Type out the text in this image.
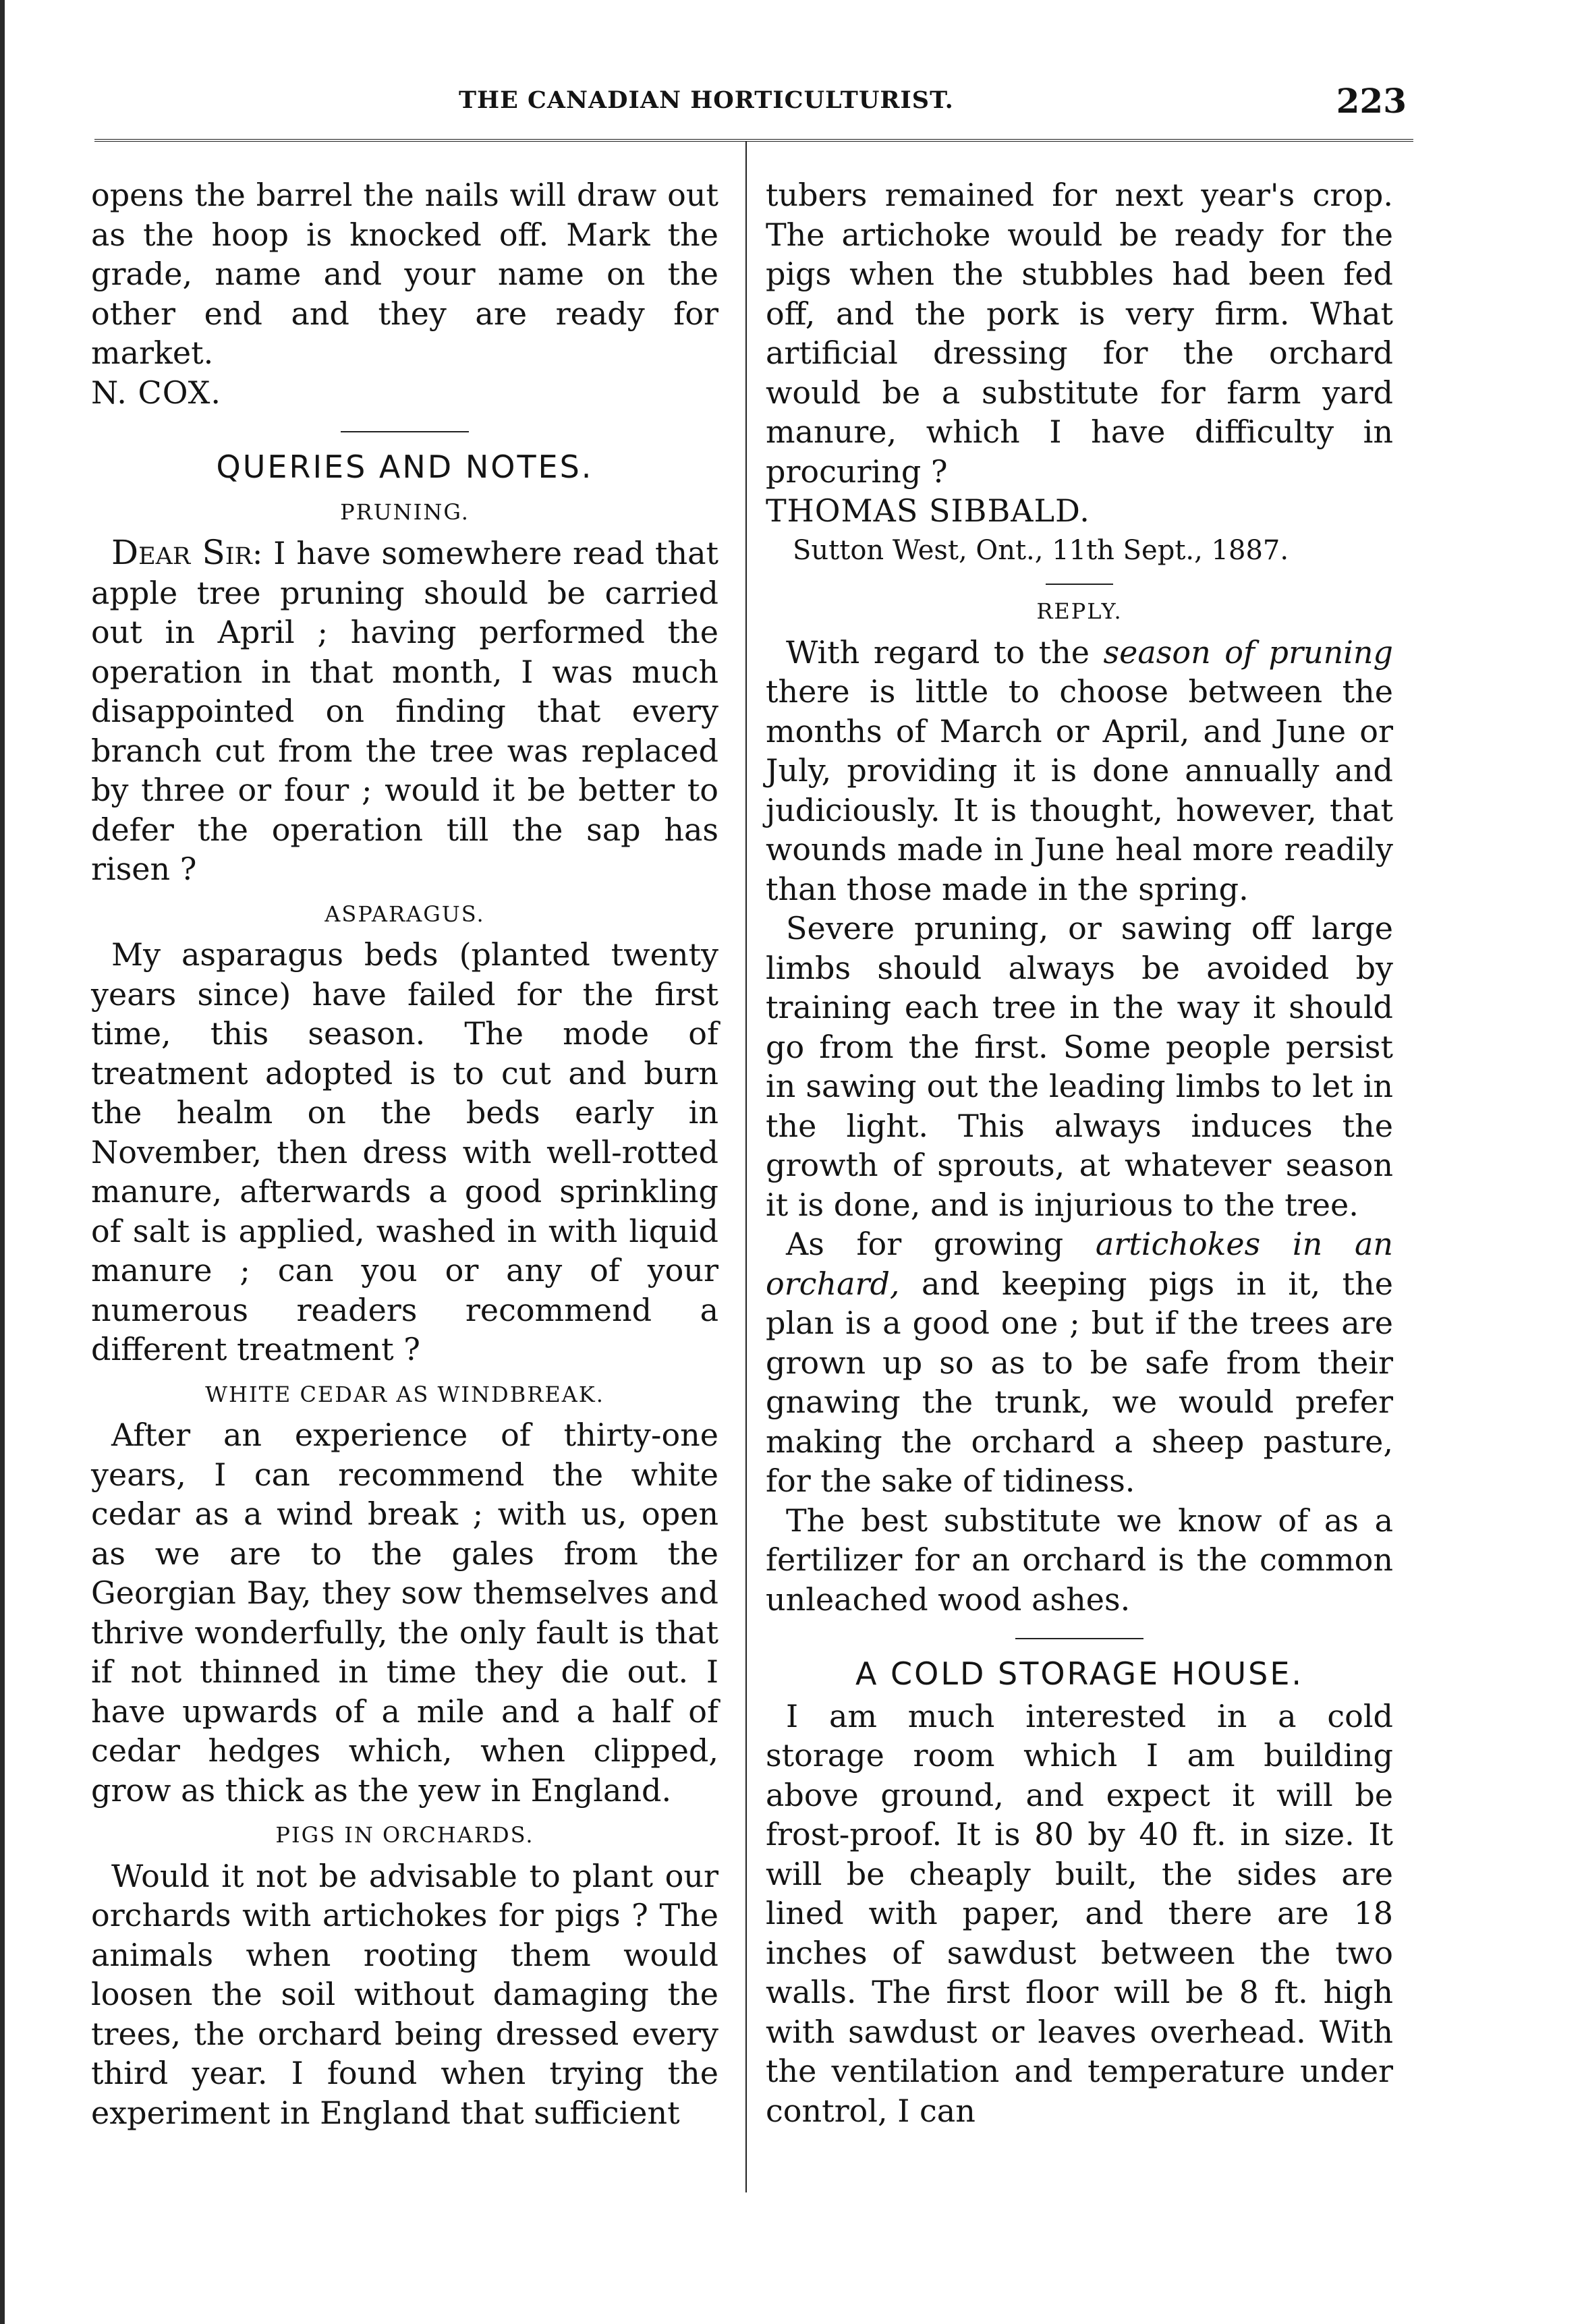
THE CANADIAN HORTICULTURIST.	223

opens the barrel the nails will draw out as the hoop is knocked off. Mark the grade, name and your name on the other end and they are ready for market.

N. COX.

QUERIES AND NOTES.
PRUNING.

Dear Sir: I have somewhere read that apple tree pruning should be carried out in April ; having performed the operation in that month, I was much disappointed on finding that every branch cut from the tree was replaced by three or four ; would it be better to defer the operation till the sap has risen ?

ASPARAGUS.

My asparagus beds (planted twenty years since) have failed for the first time, this season. The mode of treatment adopted is to cut and burn the healm on the beds early in November, then dress with well-rotted manure, afterwards a good sprinkling of salt is applied, washed in with liquid manure ; can you or any of your numerous readers recommend a different treatment ?

WHITE CEDAR AS WINDBREAK.

After an experience of thirty-one years, I can recommend the white cedar as a wind break ; with us, open as we are to the gales from the Georgian Bay, they sow themselves and thrive wonderfully, the only fault is that if not thinned in time they die out. I have upwards of a mile and a half of cedar hedges which, when clipped, grow as thick as the yew in England.

PIGS IN ORCHARDS.

Would it not be advisable to plant our orchards with artichokes for pigs ? The animals when rooting them would loosen the soil without damaging the trees, the orchard being dressed every third year. I found when trying the experiment in England that sufficient

tubers remained for next year's crop. The artichoke would be ready for the pigs when the stubbles had been fed off, and the pork is very firm. What artificial dressing for the orchard would be a substitute for farm yard manure, which I have difficulty in procuring ?

THOMAS SIBBALD.

Sutton West, Ont., 11th Sept., 1887.

REPLY.

With regard to the season of pruning there is little to choose between the months of March or April, and June or July, providing it is done annually and judiciously. It is thought, however, that wounds made in June heal more readily than those made in the spring.

Severe pruning, or sawing off large limbs should always be avoided by training each tree in the way it should go from the first. Some people persist in sawing out the leading limbs to let in the light. This always induces the growth of sprouts, at whatever season it is done, and is injurious to the tree.

As for growing artichokes in an orchard, and keeping pigs in it, the plan is a good one ; but if the trees are grown up so as to be safe from their gnawing the trunk, we would prefer making the orchard a sheep pasture, for the sake of tidiness.

The best substitute we know of as a fertilizer for an orchard is the common unleached wood ashes.

A COLD STORAGE HOUSE.

I am much interested in a cold storage room which I am building above ground, and expect it will be frost-proof. It is 80 by 40 ft. in size. It will be cheaply built, the sides are lined with paper, and there are 18 inches of sawdust between the two walls. The first floor will be 8 ft. high with sawdust or leaves overhead. With the ventilation and temperature under control, I can
